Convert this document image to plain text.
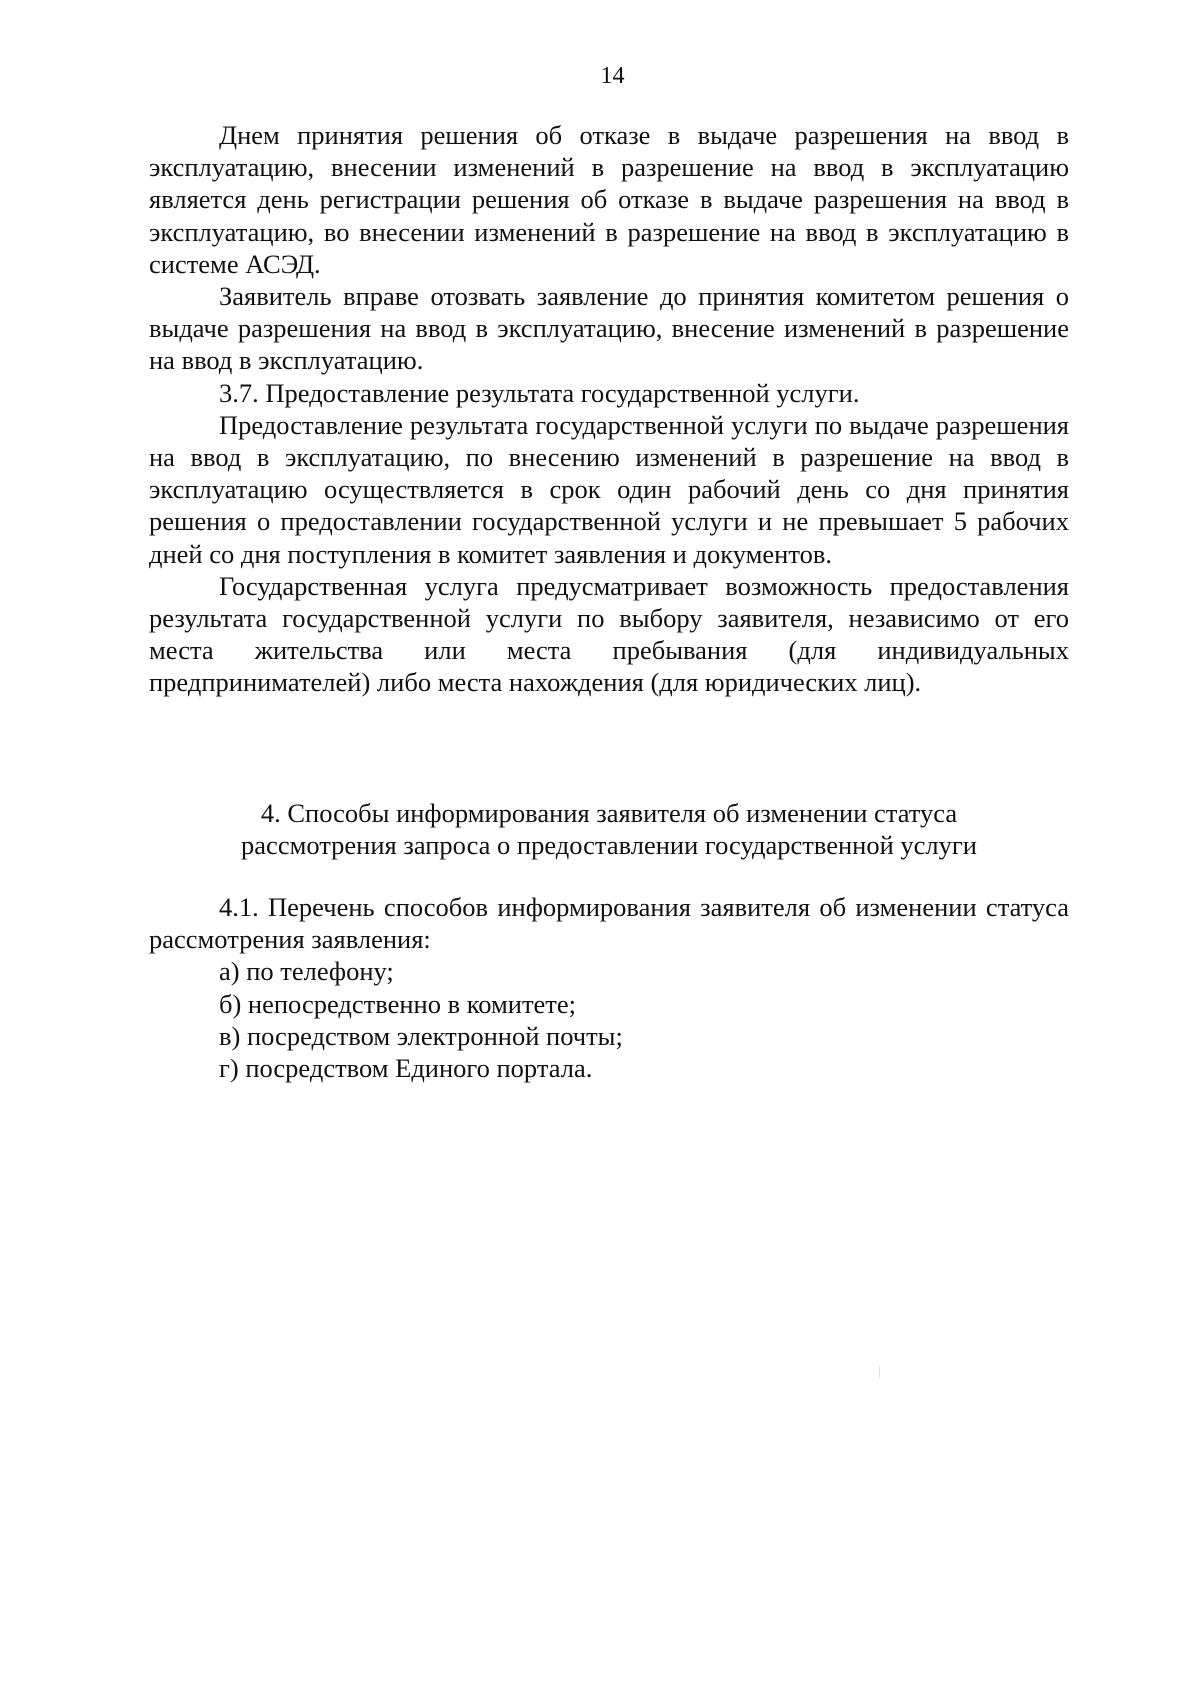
14

Днем принятия решения об отказе в выдаче разрешения на ввод в эксплуатацию, внесении изменений в разрешение на ввод в эксплуатацию является день регистрации решения об отказе в выдаче разрешения на ввод в эксплуатацию, во внесении изменений в разрешение на ввод в эксплуатацию в системе АСЭД.

Заявитель вправе отозвать заявление до принятия комитетом решения о выдаче разрешения на ввод в эксплуатацию, внесение изменений в разрешение на ввод в эксплуатацию.

3.7. Предоставление результата государственной услуги.

Предоставление результата государственной услуги по выдаче разрешения на ввод в эксплуатацию, по внесению изменений в разрешение на ввод в эксплуатацию осуществляется в срок один рабочий день со дня принятия решения о предоставлении государственной услуги и не превышает 5 рабочих дней со дня поступления в комитет заявления и документов.

Государственная услуга предусматривает возможность предоставления результата государственной услуги по выбору заявителя, независимо от его места жительства или места пребывания (для индивидуальных предпринимателей) либо места нахождения (для юридических лиц).

4. Способы информирования заявителя об изменении статуса
рассмотрения запроса о предоставлении государственной услуги

4.1. Перечень способов информирования заявителя об изменении статуса рассмотрения заявления:

а) по телефону;

б) непосредственно в комитете;

в) посредством электронной почты;

г) посредством Единого портала.
